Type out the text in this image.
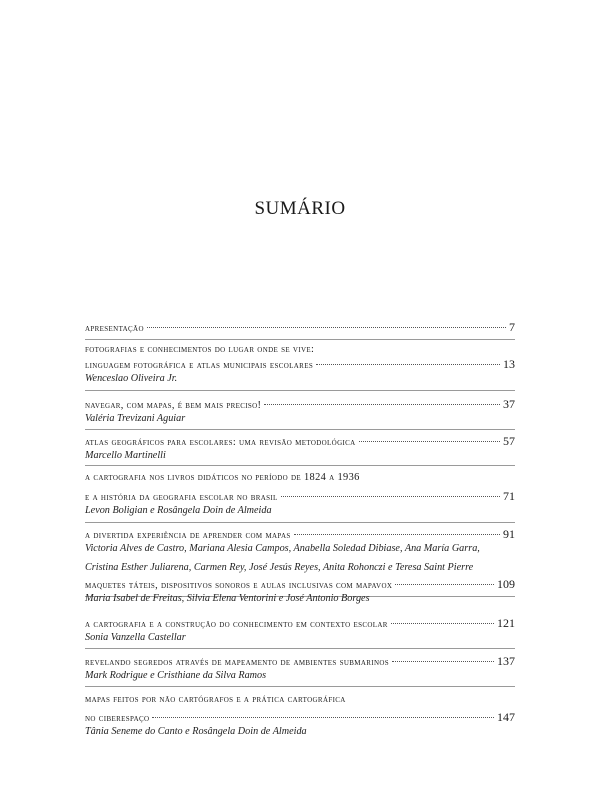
SUMÁRIO
apresentação	7
fotografias e conhecimentos do lugar onde se vive:
linguagem fotográfica e atlas municipais escolares	13
Wenceslao Oliveira Jr.
navegar, com mapas, é bem mais preciso!	37
Valéria Trevizani Aguiar
atlas geográficos para escolares: uma revisão metodológica	57
Marcello Martinelli
a cartografia nos livros didáticos no período de 1824 a 1936
e a história da geografia escolar no brasil	71
Levon Boligian e Rosângela Doin de Almeida
a divertida experiência de aprender com mapas	91
Victoria Alves de Castro, Mariana Alesia Campos, Anabella Soledad Dibiase, Ana María Garra,
Cristina Esther Juliarena, Carmen Rey, José Jesús Reyes, Anita Rohonczi e Teresa Saint Pierre
maquetes táteis, dispositivos sonoros e aulas inclusivas com mapavox	109
Maria Isabel de Freitas, Silvia Elena Ventorini e José Antonio Borges
a cartografia e a construção do conhecimento em contexto escolar	121
Sonia Vanzella Castellar
revelando segredos através de mapeamento de ambientes submarinos	137
Mark Rodrigue e Cristhiane da Silva Ramos
mapas feitos por não cartógrafos e a prática cartográfica
no ciberespaço	147
Tânia Seneme do Canto e Rosângela Doin de Almeida
